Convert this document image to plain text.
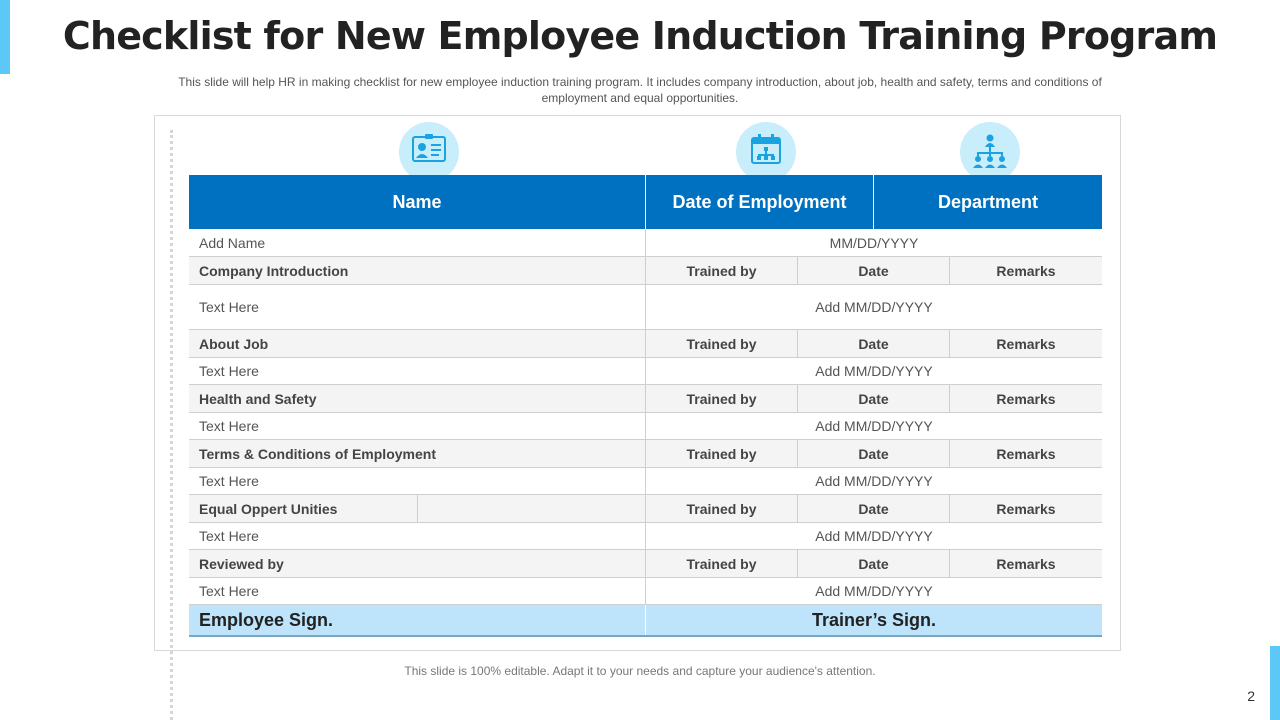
Checklist for New Employee Induction Training Program
This slide will help HR in making checklist for new employee induction training program. It includes company introduction, about job, health and safety, terms and conditions of employment and equal opportunities.
Name	Date of Employment	Department
Add Name	MM/DD/YYYY
Company Introduction	Trained by	Date	Remarks
Text Here	Add MM/DD/YYYY
About Job	Trained by	Date	Remarks
Text Here	Add MM/DD/YYYY
Health and Safety	Trained by	Date	Remarks
Text Here	Add MM/DD/YYYY
Terms & Conditions of Employment	Trained by	Date	Remarks
Text Here	Add MM/DD/YYYY
Equal Oppert Unities	Trained by	Date	Remarks
Text Here	Add MM/DD/YYYY
Reviewed by	Trained by	Date	Remarks
Text Here	Add MM/DD/YYYY
Employee Sign.	Trainer’s Sign.
This slide is 100% editable. Adapt it to your needs and capture your audience's attention.
2
